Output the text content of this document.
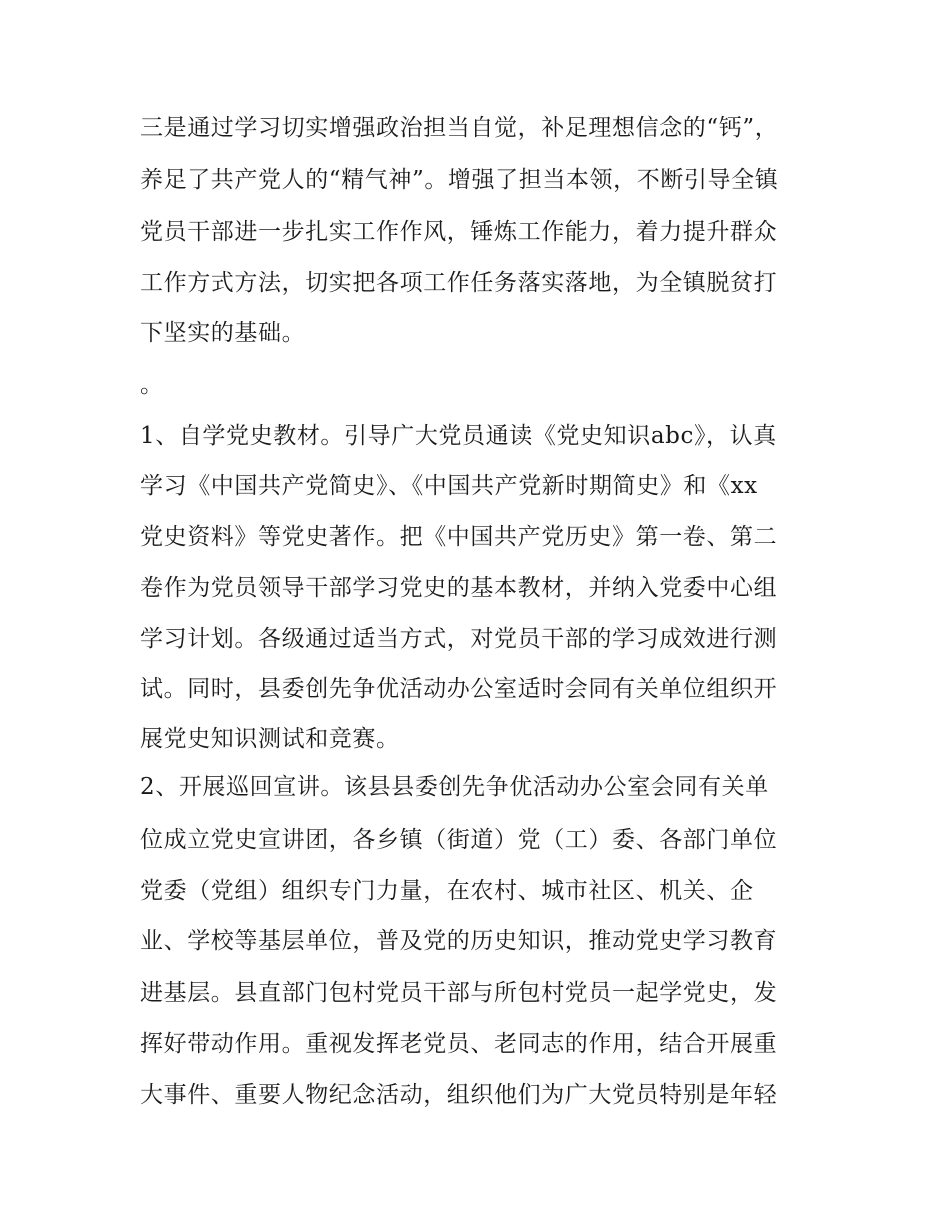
三是通过学习切实增强政治担当自觉，补足理想信念的“钙”，
养足了共产党人的“精气神”。增强了担当本领，不断引导全镇
党员干部进一步扎实工作作风，锤炼工作能力，着力提升群众
工作方式方法，切实把各项工作任务落实落地，为全镇脱贫打
下坚实的基础。
。
1、自学党史教材。引导广大党员通读《党史知识abc》，认真
学习《中国共产党简史》、《中国共产党新时期简史》和《xx
党史资料》等党史著作。把《中国共产党历史》第一卷、第二
卷作为党员领导干部学习党史的基本教材，并纳入党委中心组
学习计划。各级通过适当方式，对党员干部的学习成效进行测
试。同时，县委创先争优活动办公室适时会同有关单位组织开
展党史知识测试和竞赛。
2、开展巡回宣讲。该县县委创先争优活动办公室会同有关单
位成立党史宣讲团，各乡镇（街道）党（工）委、各部门单位
党委（党组）组织专门力量，在农村、城市社区、机关、企
业、学校等基层单位，普及党的历史知识，推动党史学习教育
进基层。县直部门包村党员干部与所包村党员一起学党史，发
挥好带动作用。重视发挥老党员、老同志的作用，结合开展重
大事件、重要人物纪念活动，组织他们为广大党员特别是年轻
